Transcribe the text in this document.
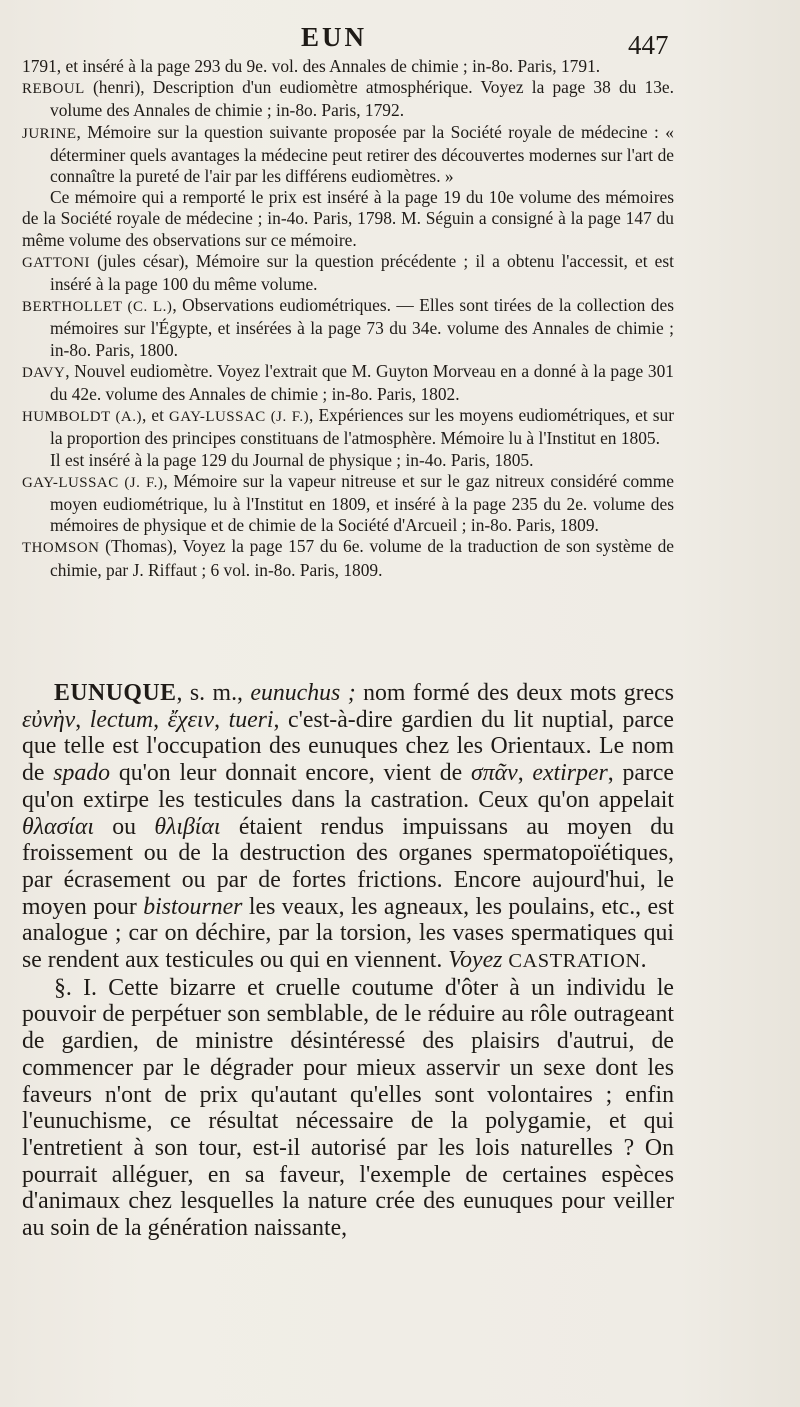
EUN	447

1791, et inséré à la page 293 du 9e. vol. des Annales de chimie ; in-8o. Paris, 1791.

REBOUL (henri), Description d'un eudiomètre atmosphérique. Voyez la page 38 du 13e. volume des Annales de chimie ; in-8o. Paris, 1792.

JURINE, Mémoire sur la question suivante proposée par la Société royale de médecine : « déterminer quels avantages la médecine peut retirer des découvertes modernes sur l'art de connaître la pureté de l'air par les différens eudiomètres. »

Ce mémoire qui a remporté le prix est inséré à la page 19 du 10e volume des mémoires de la Société royale de médecine ; in-4o. Paris, 1798. M. Séguin a consigné à la page 147 du même volume des observations sur ce mémoire.

GATTONI (jules césar), Mémoire sur la question précédente ; il a obtenu l'accessit, et est inséré à la page 100 du même volume.

BERTHOLLET (C. L.), Observations eudiométriques. — Elles sont tirées de la collection des mémoires sur l'Égypte, et insérées à la page 73 du 34e. volume des Annales de chimie ; in-8o. Paris, 1800.

DAVY, Nouvel eudiomètre. Voyez l'extrait que M. Guyton Morveau en a donné à la page 301 du 42e. volume des Annales de chimie ; in-8o. Paris, 1802.

HUMBOLDT (A.), et GAY-LUSSAC (J. F.), Expériences sur les moyens eudiométriques, et sur la proportion des principes constituans de l'atmosphère. Mémoire lu à l'Institut en 1805.

Il est inséré à la page 129 du Journal de physique ; in-4o. Paris, 1805.

GAY-LUSSAC (J. F.), Mémoire sur la vapeur nitreuse et sur le gaz nitreux considéré comme moyen eudiométrique, lu à l'Institut en 1809, et inséré à la page 235 du 2e. volume des mémoires de physique et de chimie de la Société d'Arcueil ; in-8o. Paris, 1809.

THOMSON (Thomas), Voyez la page 157 du 6e. volume de la traduction de son système de chimie, par J. Riffaut ; 6 vol. in-8o. Paris, 1809.

EUNUQUE, s. m., eunuchus ; nom formé des deux mots grecs εὐνὴν, lectum, ἔχειν, tueri, c'est-à-dire gardien du lit nuptial, parce que telle est l'occupation des eunuques chez les Orientaux. Le nom de spado qu'on leur donnait encore, vient de σπᾶν, extirper, parce qu'on extirpe les testicules dans la castration. Ceux qu'on appelait θλασίαι ou θλιβίαι étaient rendus impuissans au moyen du froissement ou de la destruction des organes spermatopoïétiques, par écrasement ou par de fortes frictions. Encore aujourd'hui, le moyen pour bistourner les veaux, les agneaux, les poulains, etc., est analogue ; car on déchire, par la torsion, les vases spermatiques qui se rendent aux testicules ou qui en viennent. Voyez CASTRATION.

§. I. Cette bizarre et cruelle coutume d'ôter à un individu le pouvoir de perpétuer son semblable, de le réduire au rôle outrageant de gardien, de ministre désintéressé des plaisirs d'autrui, de commencer par le dégrader pour mieux asservir un sexe dont les faveurs n'ont de prix qu'autant qu'elles sont volontaires ; enfin l'eunuchisme, ce résultat nécessaire de la polygamie, et qui l'entretient à son tour, est-il autorisé par les lois naturelles ? On pourrait alléguer, en sa faveur, l'exemple de certaines espèces d'animaux chez lesquelles la nature crée des eunuques pour veiller au soin de la génération naissante,
